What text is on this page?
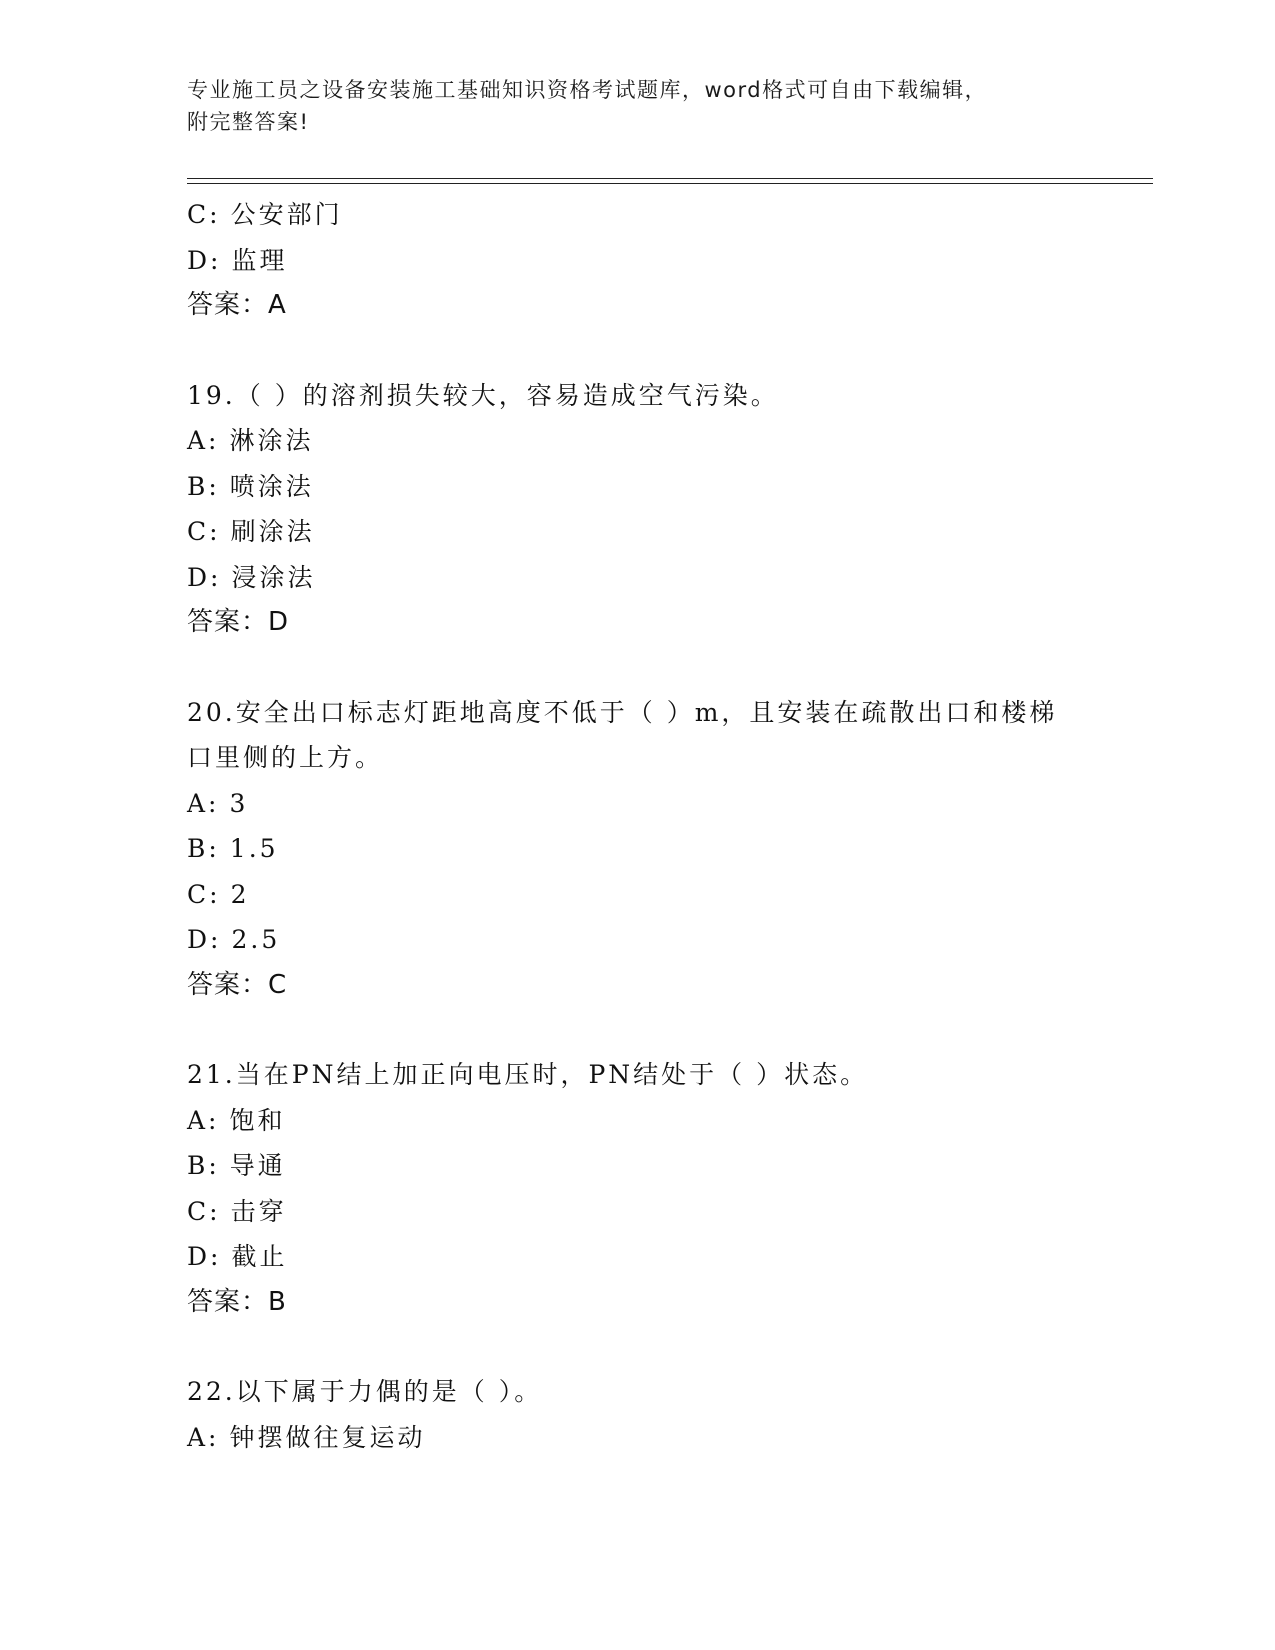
专业施工员之设备安装施工基础知识资格考试题库，word格式可自由下载编辑，
附完整答案!
C: 公安部门
D: 监理
答案：A
19.（ ）的溶剂损失较大，容易造成空气污染。
A: 淋涂法
B: 喷涂法
C: 刷涂法
D: 浸涂法
答案：D
20.安全出口标志灯距地高度不低于（ ）m，且安装在疏散出口和楼梯
口里侧的上方。
A: 3
B: 1.5
C: 2
D: 2.5
答案：C
21.当在PN结上加正向电压时，PN结处于（ ）状态。
A: 饱和
B: 导通
C: 击穿
D: 截止
答案：B
22.以下属于力偶的是（ ）。
A: 钟摆做往复运动
